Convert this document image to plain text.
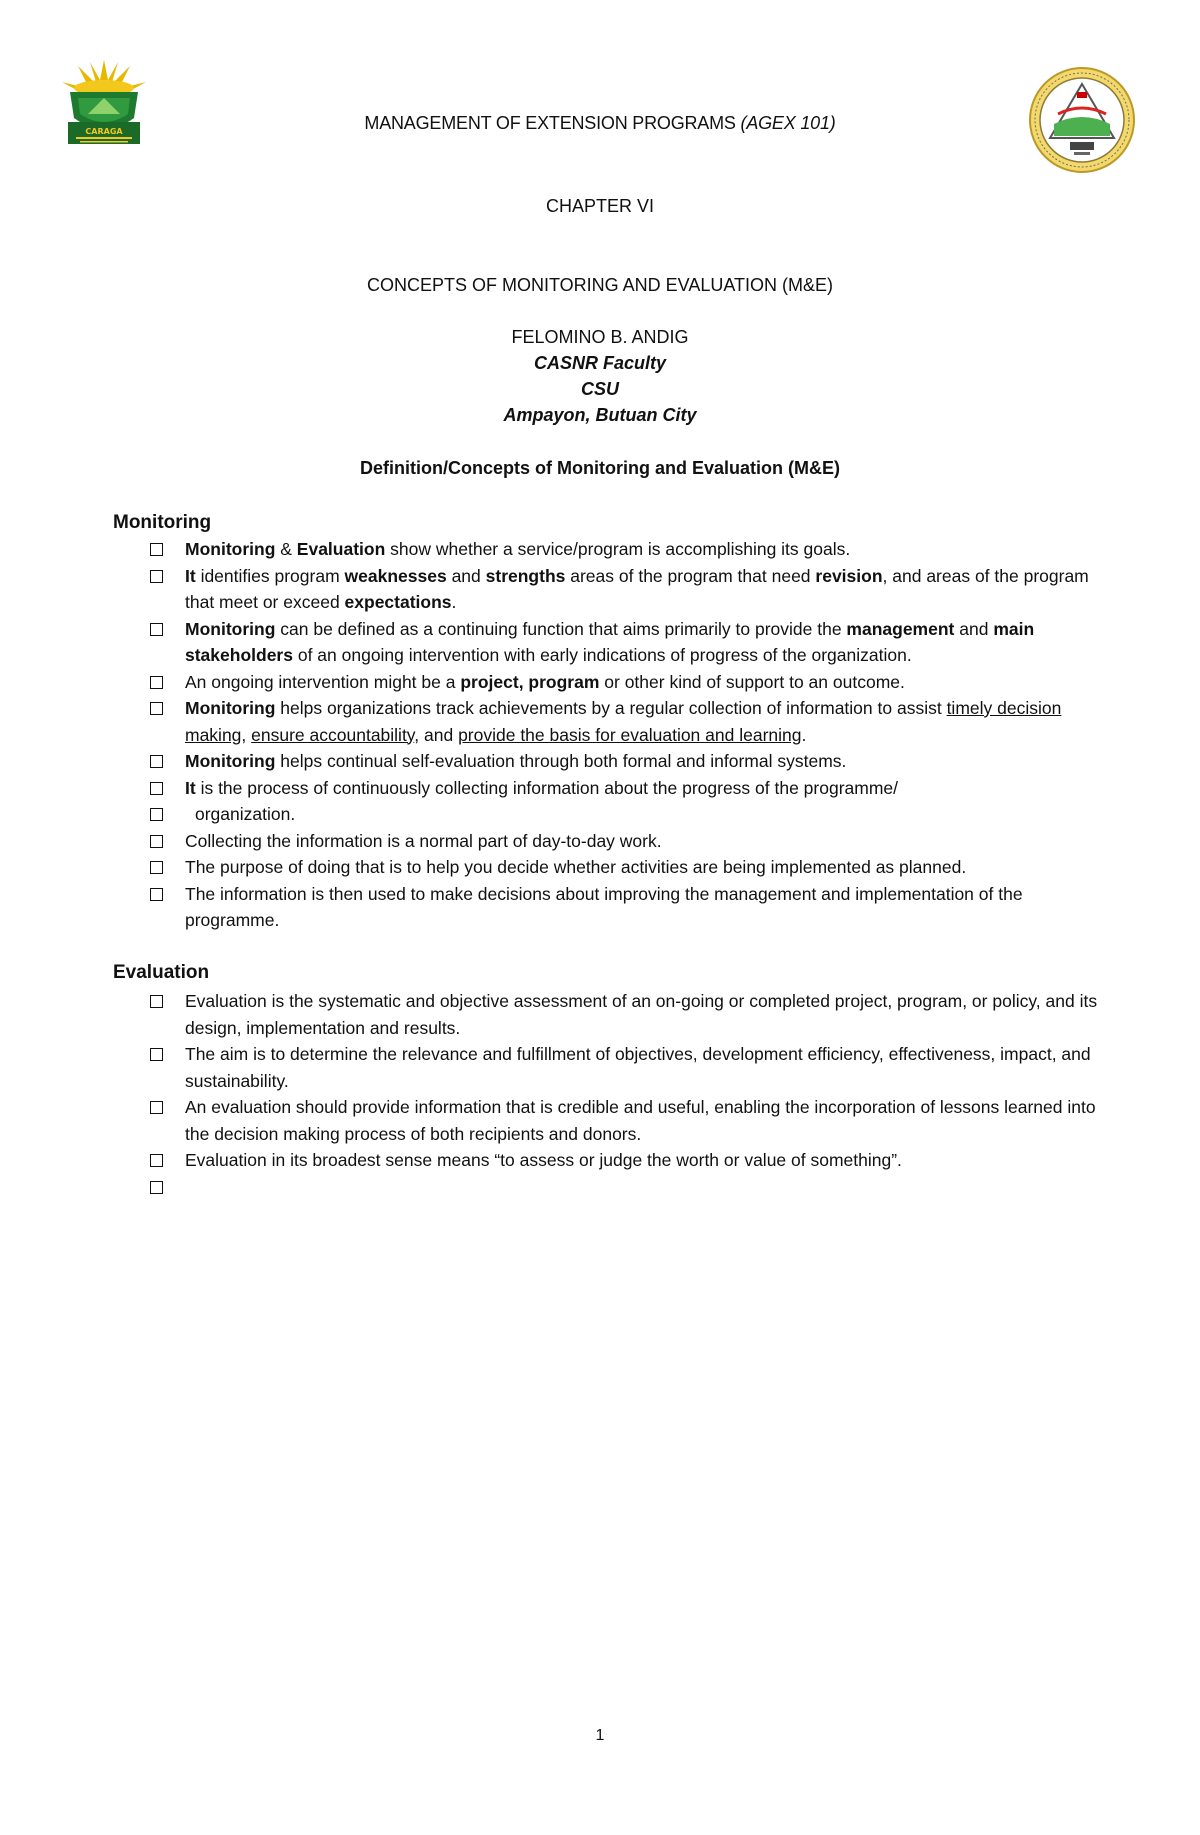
CARAGA	MANAGEMENT OF EXTENSION PROGRAMS (AGEX 101)
CHAPTER VI
CONCEPTS OF MONITORING AND EVALUATION (M&E)
FELOMINO B. ANDIG
CASNR Faculty
CSU
Ampayon, Butuan City
Definition/Concepts of Monitoring and Evaluation (M&E)
Monitoring
Monitoring & Evaluation show whether a service/program is accomplishing its goals.
It identifies program weaknesses and strengths areas of the program that need revision, and areas of the program that meet or exceed expectations.
Monitoring can be defined as a continuing function that aims primarily to provide the management and main stakeholders of an ongoing intervention with early indications of progress of the organization.
An ongoing intervention might be a project, program or other kind of support to an outcome.
Monitoring helps organizations track achievements by a regular collection of information to assist timely decision making, ensure accountability, and provide the basis for evaluation and learning.
Monitoring helps continual self-evaluation through both formal and informal systems.
It is the process of continuously collecting information about the progress of the programme/
organization.
Collecting the information is a normal part of day-to-day work.
The purpose of doing that is to help you decide whether activities are being implemented as planned.
The information is then used to make decisions about improving the management and implementation of the programme.
Evaluation
Evaluation is the systematic and objective assessment of an on-going or completed project, program, or policy, and its design, implementation and results.
The aim is to determine the relevance and fulfillment of objectives, development efficiency, effectiveness, impact, and sustainability.
An evaluation should provide information that is credible and useful, enabling the incorporation of lessons learned into the decision making process of both recipients and donors.
Evaluation in its broadest sense means “to assess or judge the worth or value of something”.

1
